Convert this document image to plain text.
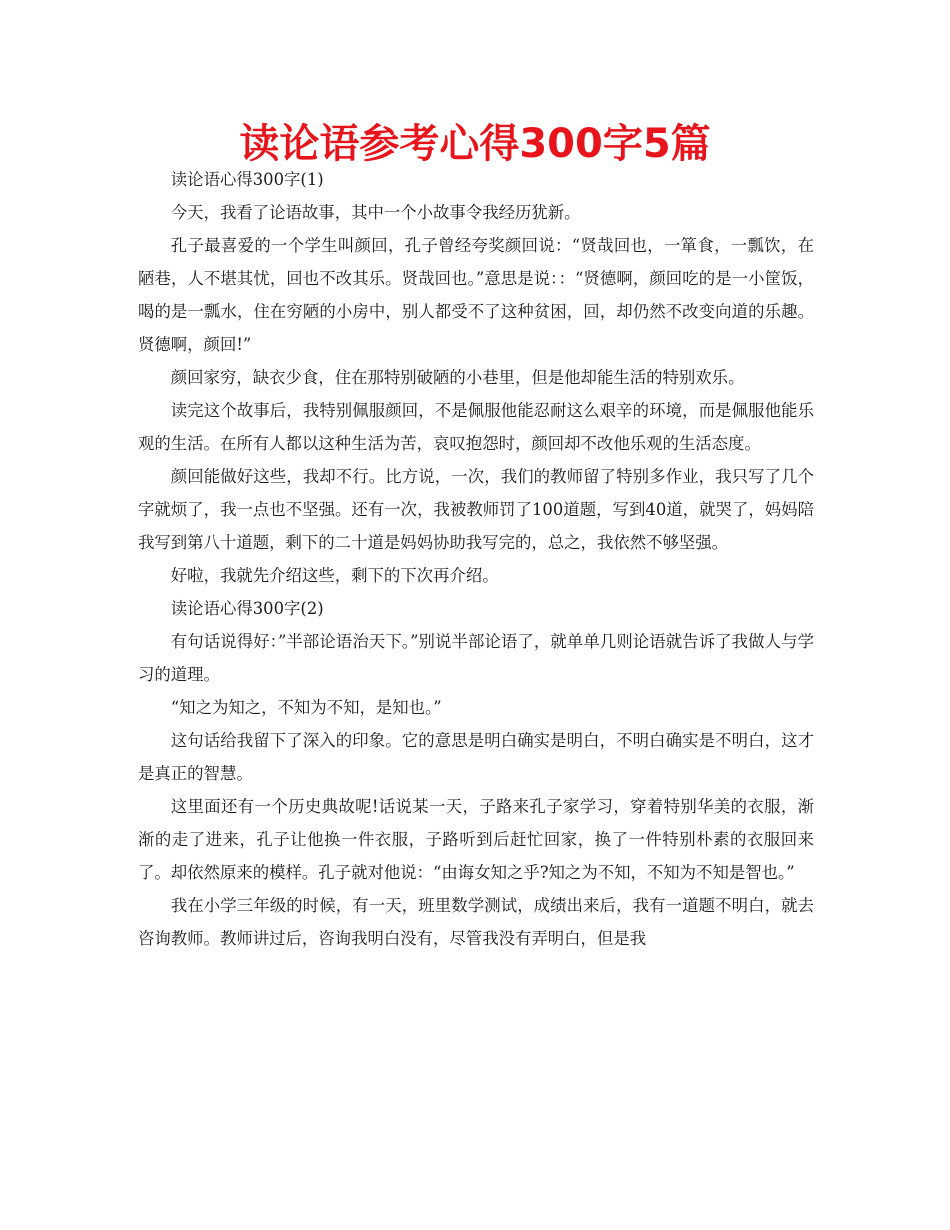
读论语参考心得300字5篇

读论语心得300字(1)

今天，我看了论语故事，其中一个小故事令我经历犹新。

孔子最喜爱的一个学生叫颜回，孔子曾经夸奖颜回说：“贤哉回也，一箪食，一瓢饮，在陋巷，人不堪其忧，回也不改其乐。贤哉回也。”意思是说：：“贤德啊，颜回吃的是一小筐饭，喝的是一瓢水，住在穷陋的小房中，别人都受不了这种贫困，回，却仍然不改变向道的乐趣。贤德啊，颜回!”

颜回家穷，缺衣少食，住在那特别破陋的小巷里，但是他却能生活的特别欢乐。

读完这个故事后，我特别佩服颜回，不是佩服他能忍耐这么艰辛的环境，而是佩服他能乐观的生活。在所有人都以这种生活为苦，哀叹抱怨时，颜回却不改他乐观的生活态度。

颜回能做好这些，我却不行。比方说，一次，我们的教师留了特别多作业，我只写了几个字就烦了，我一点也不坚强。还有一次，我被教师罚了100道题，写到40道，就哭了，妈妈陪我写到第八十道题，剩下的二十道是妈妈协助我写完的，总之，我依然不够坚强。

好啦，我就先介绍这些，剩下的下次再介绍。

读论语心得300字(2)

有句话说得好：”半部论语治天下。”别说半部论语了，就单单几则论语就告诉了我做人与学习的道理。

“知之为知之，不知为不知，是知也。”

这句话给我留下了深入的印象。它的意思是明白确实是明白，不明白确实是不明白，这才是真正的智慧。

这里面还有一个历史典故呢!话说某一天，子路来孔子家学习，穿着特别华美的衣服，渐渐的走了进来，孔子让他换一件衣服，子路听到后赶忙回家，换了一件特别朴素的衣服回来了。却依然原来的模样。孔子就对他说：“由诲女知之乎?知之为不知，不知为不知是智也。”

我在小学三年级的时候，有一天，班里数学测试，成绩出来后，我有一道题不明白，就去咨询教师。教师讲过后，咨询我明白没有，尽管我没有弄明白，但是我
